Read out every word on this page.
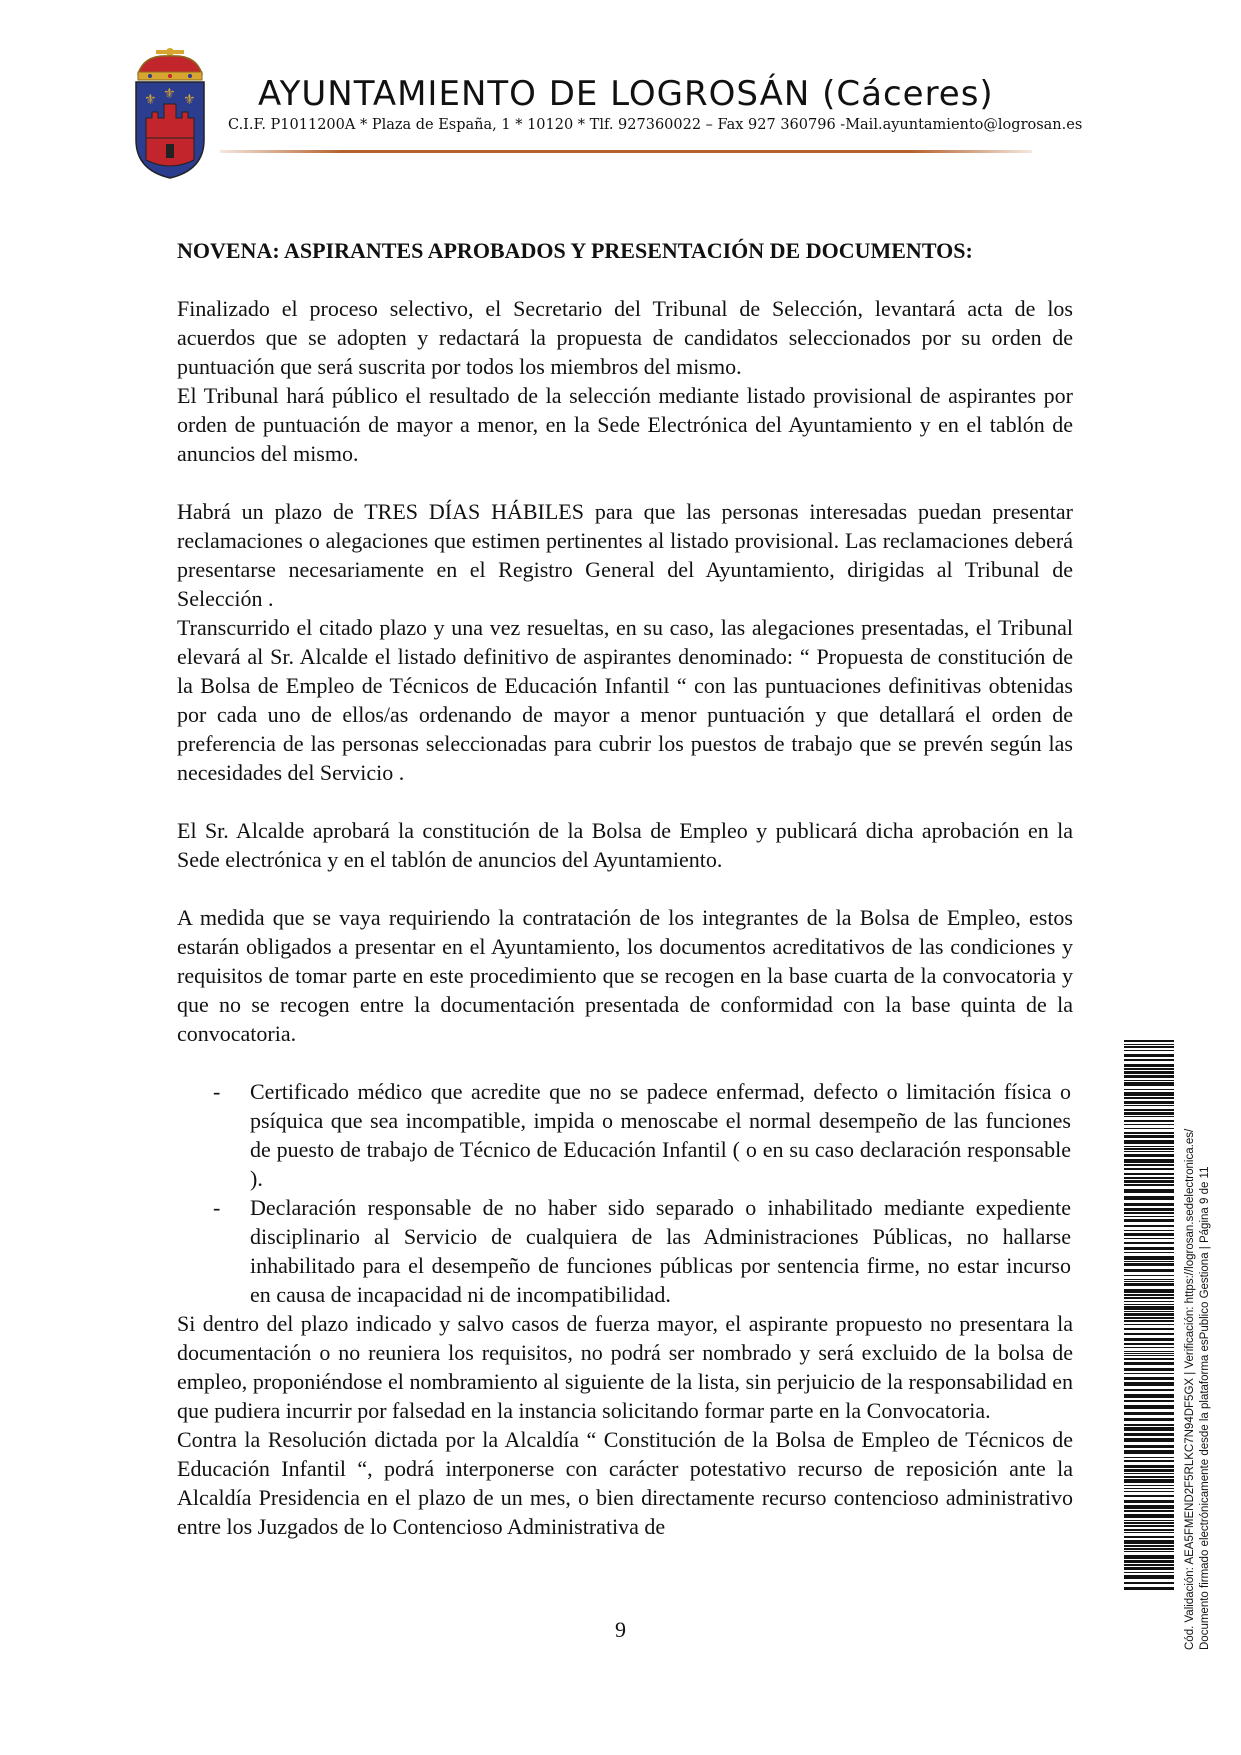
⚜ ⚜
⚜ AYUNTAMIENTO DE LOGROSÁN (Cáceres)
C.I.F. P1011200A * Plaza de España, 1 * 10120 * Tlf. 927360022 – Fax 927 360796 -Mail.ayuntamiento@logrosan.es

NOVENA: ASPIRANTES APROBADOS Y PRESENTACIÓN DE DOCUMENTOS:

Finalizado el proceso selectivo, el Secretario del Tribunal de Selección, levantará acta de los acuerdos que se adopten y redactará la propuesta de candidatos seleccionados por su orden de puntuación que será suscrita por todos los miembros del mismo.

El Tribunal hará público el resultado de la selección mediante listado provisional de aspirantes por orden de puntuación de mayor a menor, en la Sede Electrónica del Ayuntamiento y en el tablón de anuncios del mismo.

Habrá un plazo de TRES DÍAS HÁBILES para que las personas interesadas puedan presentar reclamaciones o alegaciones que estimen pertinentes al listado provisional. Las reclamaciones deberá presentarse necesariamente en el Registro General del Ayuntamiento, dirigidas al Tribunal de Selección .

Transcurrido el citado plazo y una vez resueltas, en su caso, las alegaciones presentadas, el Tribunal elevará al Sr. Alcalde el listado definitivo de aspirantes denominado: “ Propuesta de constitución de la Bolsa de Empleo de Técnicos de Educación Infantil “ con las puntuaciones definitivas obtenidas por cada uno de ellos/as ordenando de mayor a menor puntuación y que detallará el orden de preferencia de las personas seleccionadas para cubrir los puestos de trabajo que se prevén según las necesidades del Servicio .

El Sr. Alcalde aprobará la constitución de la Bolsa de Empleo y publicará dicha aprobación en la Sede electrónica y en el tablón de anuncios del Ayuntamiento.

A medida que se vaya requiriendo la contratación de los integrantes de la Bolsa de Empleo, estos estarán obligados a presentar en el Ayuntamiento, los documentos acreditativos de las condiciones y requisitos de tomar parte en este procedimiento que se recogen en la base cuarta de la convocatoria y que no se recogen entre la documentación presentada de conformidad con la base quinta de la convocatoria.

- Certificado médico que acredite que no se padece enfermad, defecto o limitación física o psíquica que sea incompatible, impida o menoscabe el normal desempeño de las funciones de puesto de trabajo de Técnico de Educación Infantil ( o en su caso declaración responsable ).
- Declaración responsable de no haber sido separado o inhabilitado mediante expediente disciplinario al Servicio de cualquiera de las Administraciones Públicas, no hallarse inhabilitado para el desempeño de funciones públicas por sentencia firme, no estar incurso en causa de incapacidad ni de incompatibilidad.

Si dentro del plazo indicado y salvo casos de fuerza mayor, el aspirante propuesto no presentara la documentación o no reuniera los requisitos, no podrá ser nombrado y será excluido de la bolsa de empleo, proponiéndose el nombramiento al siguiente de la lista, sin perjuicio de la responsabilidad en que pudiera incurrir por falsedad en la instancia solicitando formar parte en la Convocatoria.

Contra la Resolución dictada por la Alcaldía “ Constitución de la Bolsa de Empleo de Técnicos de Educación Infantil “, podrá interponerse con carácter potestativo recurso de reposición ante la Alcaldía Presidencia en el plazo de un mes, o bien directamente recurso contencioso administrativo entre los Juzgados de lo Contencioso Administrativa de

9	Cód. Validación: AEA5FMEND2F5RLKC7N94DF5GX | Verificación: https://logrosan.sedelectronica.es/ Documento firmado electrónicamente desde la plataforma esPublico Gestiona | Página 9 de 11
